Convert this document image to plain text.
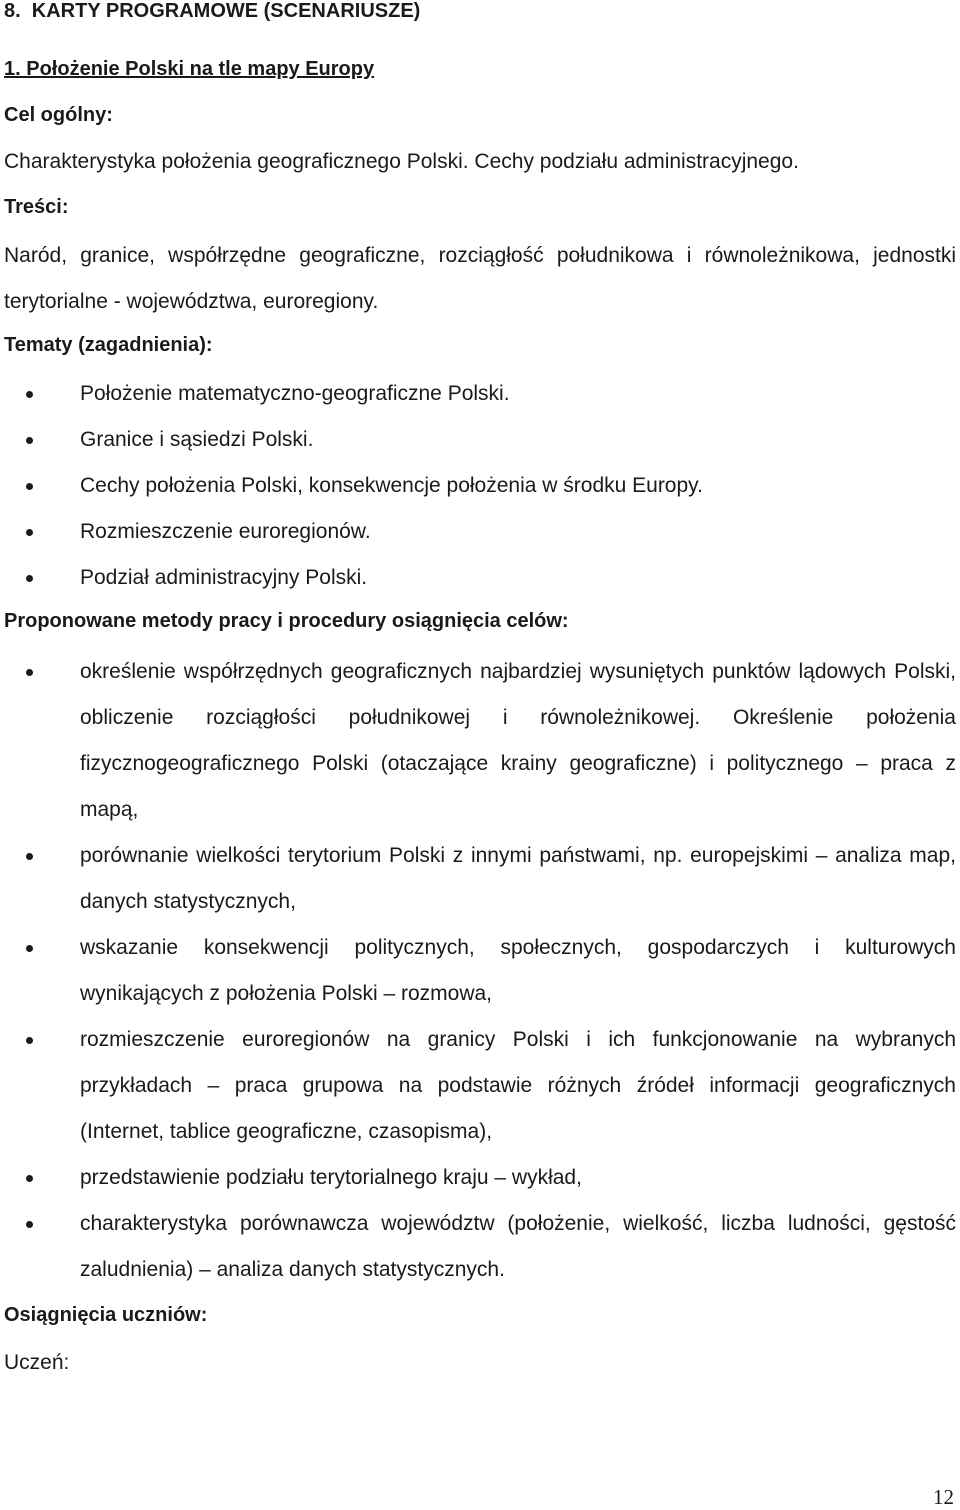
8.  KARTY PROGRAMOWE (SCENARIUSZE)
1. Położenie Polski na tle mapy Europy
Cel ogólny:
Charakterystyka położenia geograficznego Polski. Cechy podziału administracyjnego.
Treści:
Naród, granice, współrzędne geograficzne, rozciągłość południkowa i równoleżnikowa, jednostki terytorialne - województwa, euroregiony.
Tematy (zagadnienia):
Położenie matematyczno-geograficzne Polski.
Granice i sąsiedzi Polski.
Cechy położenia Polski, konsekwencje położenia w środku Europy.
Rozmieszczenie euroregionów.
Podział administracyjny Polski.
Proponowane metody pracy i procedury osiągnięcia celów:
określenie współrzędnych geograficznych najbardziej wysuniętych punktów lądowych Polski, obliczenie rozciągłości południkowej i równoleżnikowej. Określenie położenia fizycznogeograficznego Polski (otaczające krainy geograficzne) i politycznego – praca z mapą,
porównanie wielkości terytorium Polski z innymi państwami, np. europejskimi – analiza map, danych statystycznych,
wskazanie konsekwencji politycznych, społecznych, gospodarczych i kulturowych wynikających z położenia Polski – rozmowa,
rozmieszczenie euroregionów na granicy Polski i ich funkcjonowanie na wybranych przykładach – praca grupowa na podstawie różnych źródeł informacji geograficznych (Internet, tablice geograficzne, czasopisma),
przedstawienie podziału terytorialnego kraju – wykład,
charakterystyka porównawcza województw (położenie, wielkość, liczba ludności, gęstość zaludnienia) – analiza danych statystycznych.
Osiągnięcia uczniów:
Uczeń:
12
